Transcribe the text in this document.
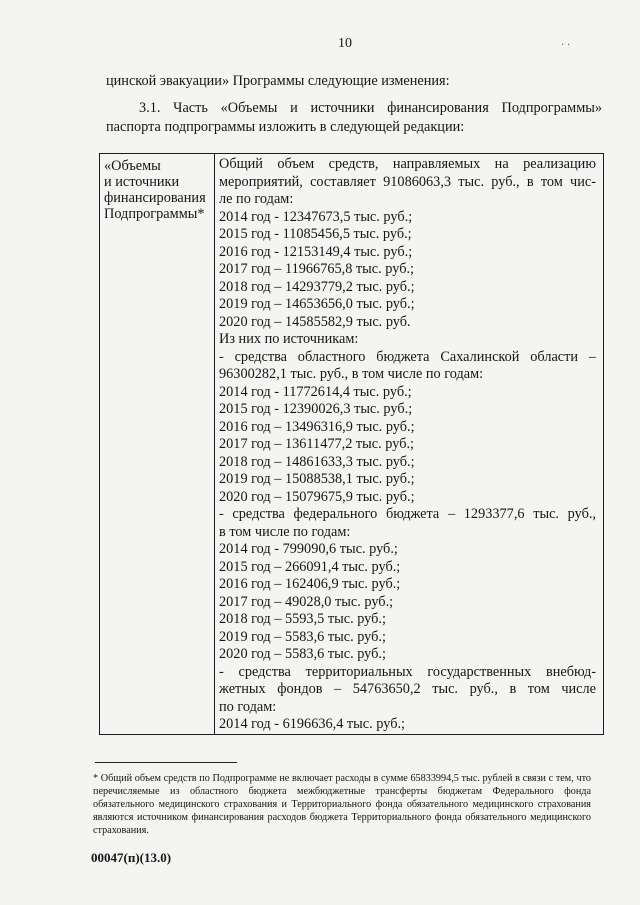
10	· ·
цинской эвакуации» Программы следующие изменения:
3.1. Часть «Объемы и источники финансирования Подпрограммы» паспорта подпрограммы изложить в следующей редакции:
«Объемы
и источники
финансирования
Подпрограммы*
Общий объем средств, направляемых на реализацию
мероприятий, составляет 91086063,3 тыс. руб., в том чис-
ле по годам:
2014 год - 12347673,5 тыс. руб.;
2015 год - 11085456,5 тыс. руб.;
2016 год - 12153149,4 тыс. руб.;
2017 год – 11966765,8 тыс. руб.;
2018 год – 14293779,2 тыс. руб.;
2019 год – 14653656,0 тыс. руб.;
2020 год – 14585582,9 тыс. руб.
Из них по источникам:
- средства областного бюджета Сахалинской области –
96300282,1 тыс. руб., в том числе по годам:
2014 год - 11772614,4 тыс. руб.;
2015 год - 12390026,3 тыс. руб.;
2016 год – 13496316,9 тыс. руб.;
2017 год – 13611477,2 тыс. руб.;
2018 год – 14861633,3 тыс. руб.;
2019 год – 15088538,1 тыс. руб.;
2020 год – 15079675,9 тыс. руб.;
- средства федерального бюджета – 1293377,6 тыс. руб.,
в том числе по годам:
2014 год - 799090,6 тыс. руб.;
2015 год – 266091,4 тыс. руб.;
2016 год – 162406,9 тыс. руб.;
2017 год – 49028,0 тыс. руб.;
2018 год – 5593,5 тыс. руб.;
2019 год – 5583,6 тыс. руб.;
2020 год – 5583,6 тыс. руб.;
- средства территориальных государственных внебюд-
жетных фондов – 54763650,2 тыс. руб., в том числе
по годам:
2014 год - 6196636,4 тыс. руб.;
* Общий объем средств по Подпрограмме не включает расходы в сумме 65833994,5 тыс. рублей в связи с тем, что перечисляемые из областного бюджета межбюджетные трансферты бюджетам Федерального фонда обязательного медицинского страхования и Территориального фонда обязательного медицинского страхования являются источником финансирования расходов бюджета Территориального фонда обязательного медицинского страхования.
00047(п)(13.0)
